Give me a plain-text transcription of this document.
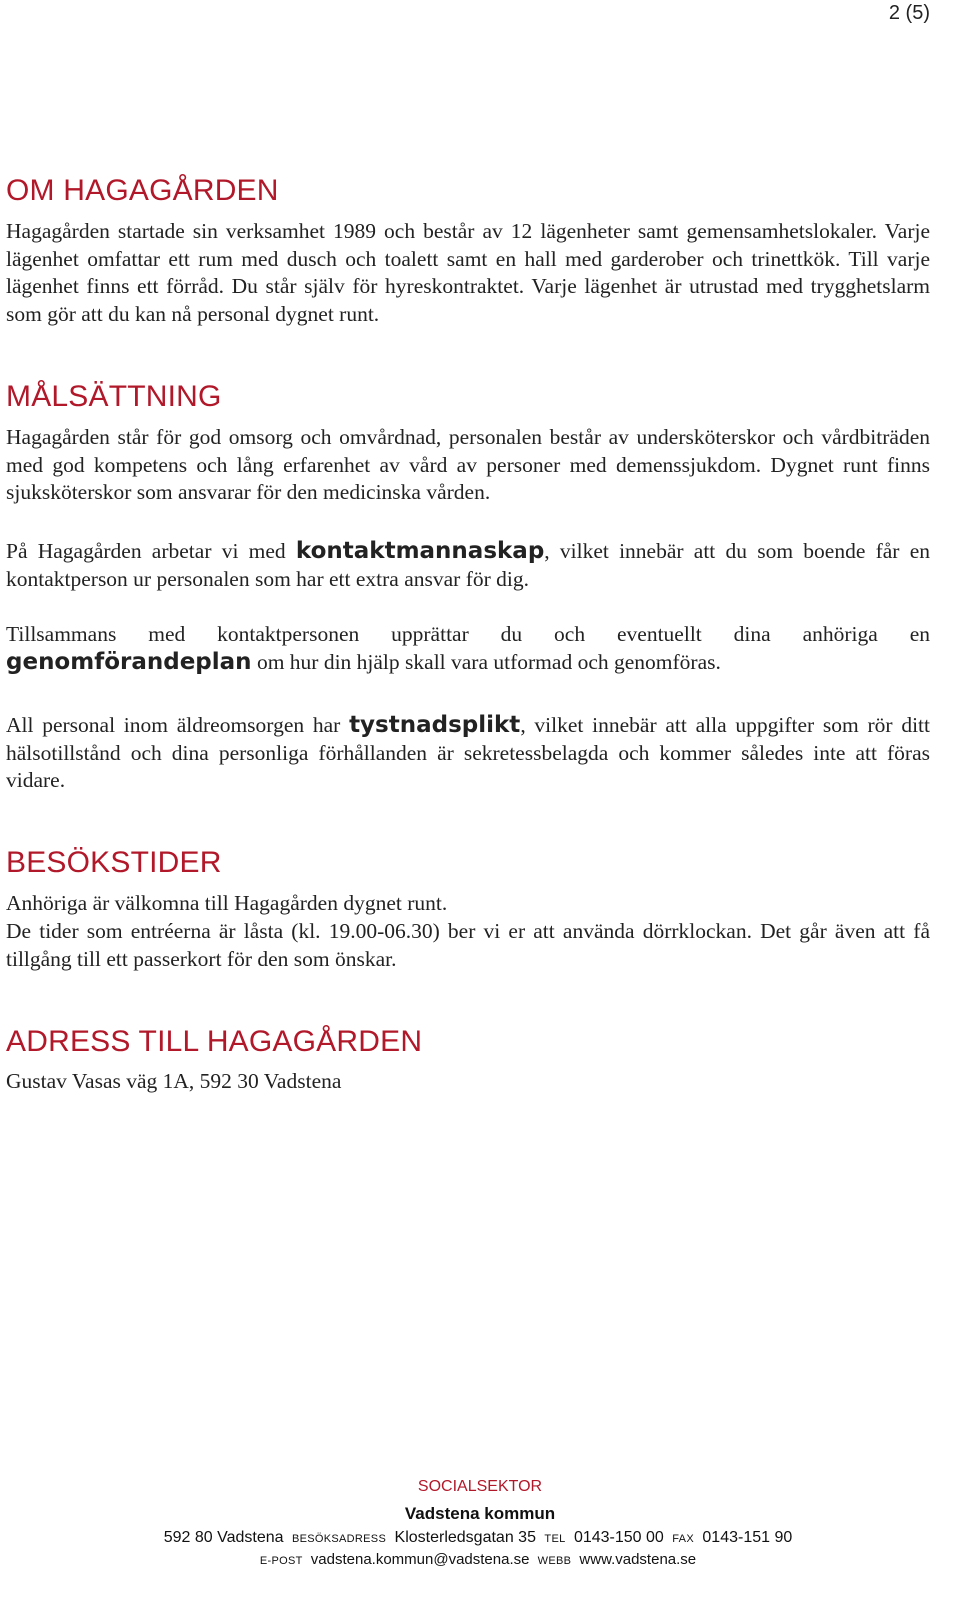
2 (5)
OM HAGAGÅRDEN

Hagagården startade sin verksamhet 1989 och består av 12 lägenheter samt gemensamhetslokaler. Varje lägenhet omfattar ett rum med dusch och toalett samt en hall med garderober och trinettkök. Till varje lägenhet finns ett förråd. Du står själv för hyreskontraktet. Varje lägenhet är utrustad med trygghetslarm som gör att du kan nå personal dygnet runt.

MÅLSÄTTNING

Hagagården står för god omsorg och omvårdnad, personalen består av undersköterskor och vårdbiträden med god kompetens och lång erfarenhet av vård av personer med demenssjukdom. Dygnet runt finns sjuksköterskor som ansvarar för den medicinska vården.

På Hagagården arbetar vi med kontaktmannaskap, vilket innebär att du som boende får en kontaktperson ur personalen som har ett extra ansvar för dig.

Tillsammans med kontaktpersonen upprättar du och eventuellt dina anhöriga en genomförandeplan om hur din hjälp skall vara utformad och genomföras.

All personal inom äldreomsorgen har tystnadsplikt, vilket innebär att alla uppgifter som rör ditt hälsotillstånd och dina personliga förhållanden är sekretessbelagda och kommer således inte att föras vidare.

BESÖKSTIDER

Anhöriga är välkomna till Hagagården dygnet runt.

De tider som entréerna är låsta (kl. 19.00-06.30) ber vi er att använda dörrklockan. Det går även att få tillgång till ett passerkort för den som önskar.

ADRESS TILL HAGAGÅRDEN

Gustav Vasas väg 1A, 592 30 Vadstena

SOCIALSEKTOR
Vadstena kommun
592 80 Vadstena BESÖKSADRESS Klosterledsgatan 35 TEL 0143-150 00 FAX 0143-151 90
E-POST vadstena.kommun@vadstena.se WEBB www.vadstena.se
